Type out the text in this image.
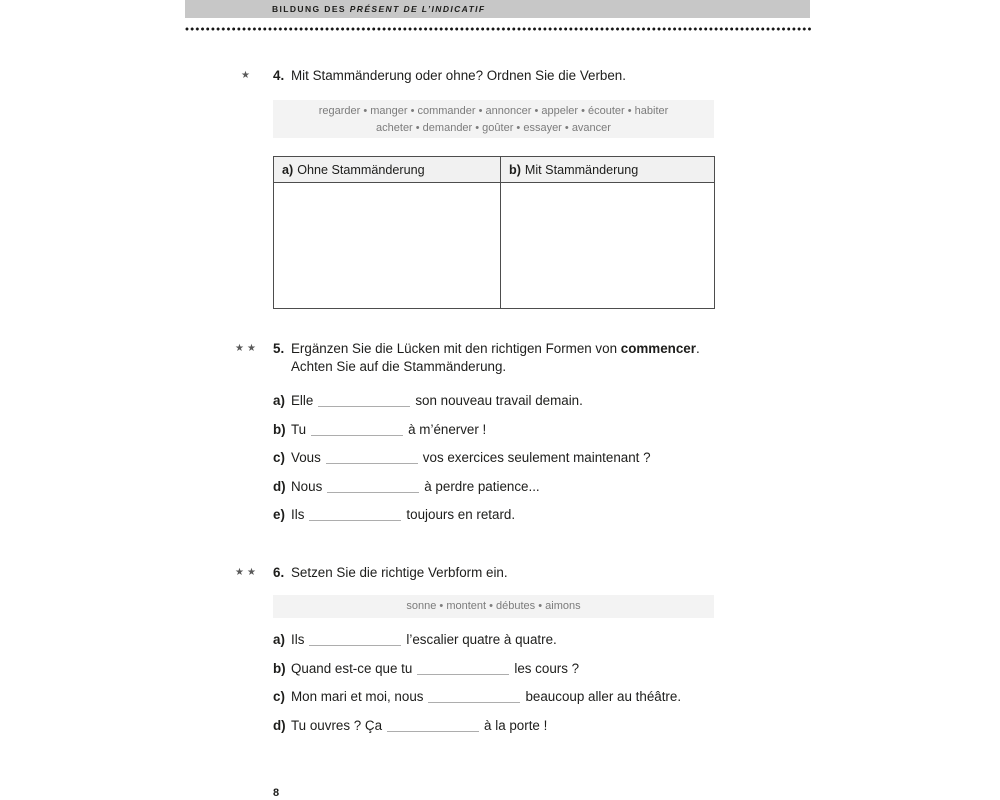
BILDUNG DES PRÉSENT DE L’INDICATIF
★	4. Mit Stammänderung oder ohne? Ordnen Sie die Verben.
regarder • manger • commander • annoncer • appeler • écouter • habiter
acheter • demander • goûter • essayer • avancer
a) Ohne Stammänderung	b) Mit Stammänderung

★★	5. Ergänzen Sie die Lücken mit den richtigen Formen von commencer.
Achten Sie auf die Stammänderung.
a) Elle	son nouveau travail demain.
b) Tu	à m’énerver !
c) Vous	vos exercices seulement maintenant ?
d) Nous	à perdre patience...
e) Ils	toujours en retard.
★★	6. Setzen Sie die richtige Verbform ein.
sonne • montent • débutes • aimons
a) Ils	l’escalier quatre à quatre.
b) Quand est-ce que tu	les cours ?
c) Mon mari et moi, nous	beaucoup aller au théâtre.
d) Tu ouvres ? Ça	à la porte !
8
